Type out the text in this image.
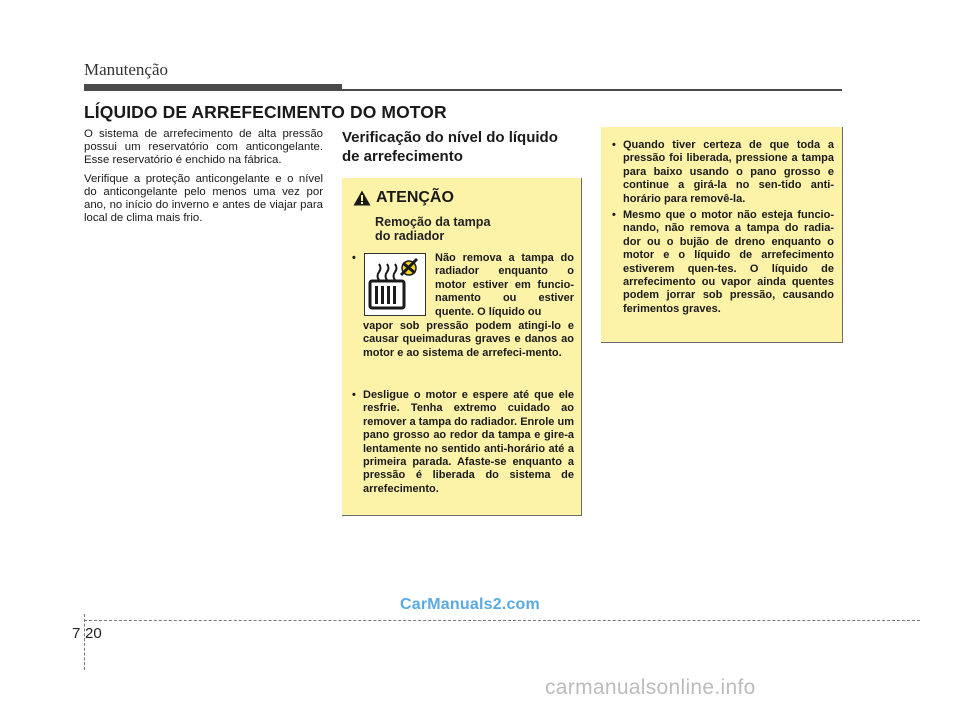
Manutenção
LÍQUIDO DE ARREFECIMENTO DO MOTOR

O sistema de arrefecimento de alta pressão possui um reservatório com anticongelante. Esse reservatório é enchido na fábrica.

Verifique a proteção anticongelante e o nível do anticongelante pelo menos uma vez por ano, no início do inverno e antes de viajar para local de clima mais frio.

Verificação do nível do líquido
de arrefecimento
ATENÇÃO
Remoção da tampa
do radiador
•	Não remova a tampa do radiador enquanto o motor estiver em funcio-namento ou estiver quente. O líquido ou
vapor sob pressão podem atingi-lo e causar queimaduras graves e danos ao motor e ao sistema de arrefeci-mento.
• Desligue o motor e espere até que ele resfrie. Tenha extremo cuidado ao remover a tampa do radiador. Enrole um pano grosso ao redor da tampa e gire-a lentamente no sentido anti-horário até a primeira parada. Afaste-se enquanto a pressão é liberada do sistema de arrefecimento.
• Quando tiver certeza de que toda a pressão foi liberada, pressione a tampa para baixo usando o pano grosso e continue a girá-la no sen-tido anti-horário para removê-la.
• Mesmo que o motor não esteja funcio-nando, não remova a tampa do radia-dor ou o bujão de dreno enquanto o motor e o líquido de arrefecimento estiverem quen-tes. O líquido de arrefecimento ou vapor ainda quentes podem jorrar sob pressão, causando ferimentos graves.
CarManuals2.com
7 20
carmanualsonline.info
